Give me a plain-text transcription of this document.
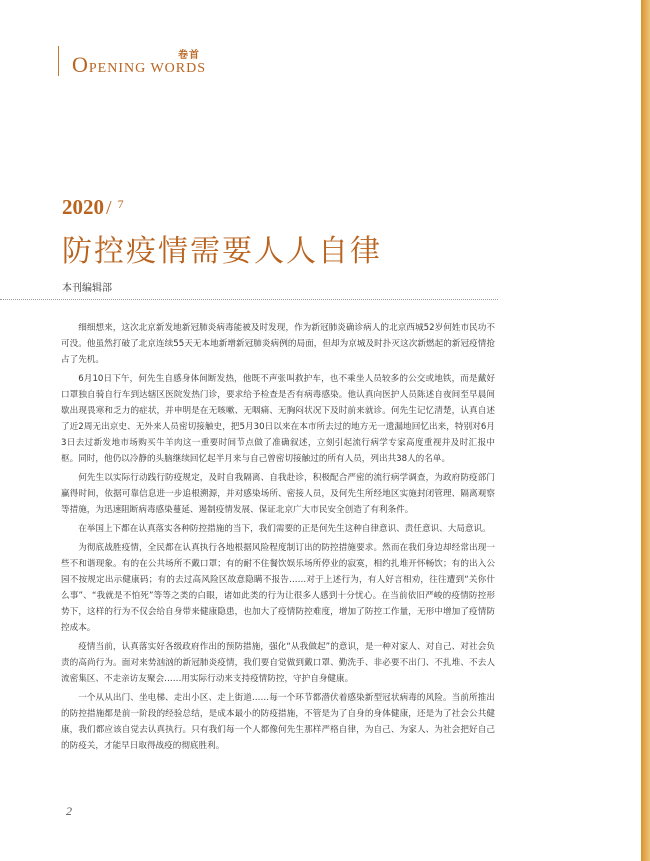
卷首
OPENING WORDS
2020 / $^7$
防控疫情需要人人自律
本刊编辑部

细细想来，这次北京新发地新冠肺炎病毒能被及时发现，作为新冠肺炎确诊病人的北京西城52岁何姓市民功不可没。他虽然打破了北京连续55天无本地新增新冠肺炎病例的局面，但却为京城及时扑灭这次新燃起的新冠疫情抢占了先机。

6月10日下午，何先生自感身体间断发热，他既不声张叫救护车，也不乘坐人员较多的公交或地铁，而是戴好口罩独自骑自行车到达辖区医院发热门诊，要求给予检查是否有病毒感染。他认真向医护人员陈述自夜间至早晨间歇出现畏寒和乏力的症状，并申明是在无咳嗽、无咽痛、无胸闷状况下及时前来就诊。何先生记忆清楚，认真自述了近2周无出京史、无外来人员密切接触史，把5月30日以来在本市所去过的地方无一遗漏地回忆出来，特别对6月3日去过新发地市场购买牛羊肉这一重要时间节点做了准确叙述，立刻引起流行病学专家高度重视并及时汇报中枢。同时，他仍以冷静的头脑继续回忆起半月来与自己曾密切接触过的所有人员，列出共38人的名单。

何先生以实际行动践行防疫规定，及时自我隔离、自我赴诊，积极配合严密的流行病学调查，为政府防疫部门赢得时间，依据可靠信息进一步追根溯源，并对感染场所、密接人员，及何先生所经地区实施封闭管理、隔离观察等措施，为迅速阻断病毒感染蔓延、遏制疫情发展、保证北京广大市民安全创造了有利条件。

在举国上下都在认真落实各种防控措施的当下，我们需要的正是何先生这种自律意识、责任意识、大局意识。

为彻底战胜疫情，全民都在认真执行各地根据风险程度制订出的防控措施要求。然而在我们身边却经常出现一些不和谐现象。有的在公共场所不戴口罩；有的耐不住餐饮娱乐场所停业的寂寞，相约扎堆开怀畅饮；有的出入公园不按规定出示健康码；有的去过高风险区故意隐瞒不报告……对于上述行为，有人好言相劝，往往遭到“关你什么事”、“我就是不怕死”等等之类的白眼，诸如此类的行为让很多人感到十分忧心。在当前依旧严峻的疫情防控形势下，这样的行为不仅会给自身带来健康隐患，也加大了疫情防控难度，增加了防控工作量，无形中增加了疫情防控成本。

疫情当前，认真落实好各级政府作出的预防措施，强化“从我做起”的意识，是一种对家人、对自己、对社会负责的高尚行为。面对来势汹汹的新冠肺炎疫情，我们要自觉做到戴口罩、勤洗手、非必要不出门、不扎堆、不去人流密集区、不走亲访友聚会……用实际行动来支持疫情防控，守护自身健康。

一个从从出门、坐电梯、走出小区、走上街道……每一个环节都潜伏着感染新型冠状病毒的风险。当前所推出的防控措施都是前一阶段的经验总结，是成本最小的防疫措施，不管是为了自身的身体健康，还是为了社会公共健康，我们都应该自觉去认真执行。只有我们每一个人都像何先生那样严格自律，为自己、为家人、为社会把好自己的防疫关，才能早日取得战疫的彻底胜利。

2
